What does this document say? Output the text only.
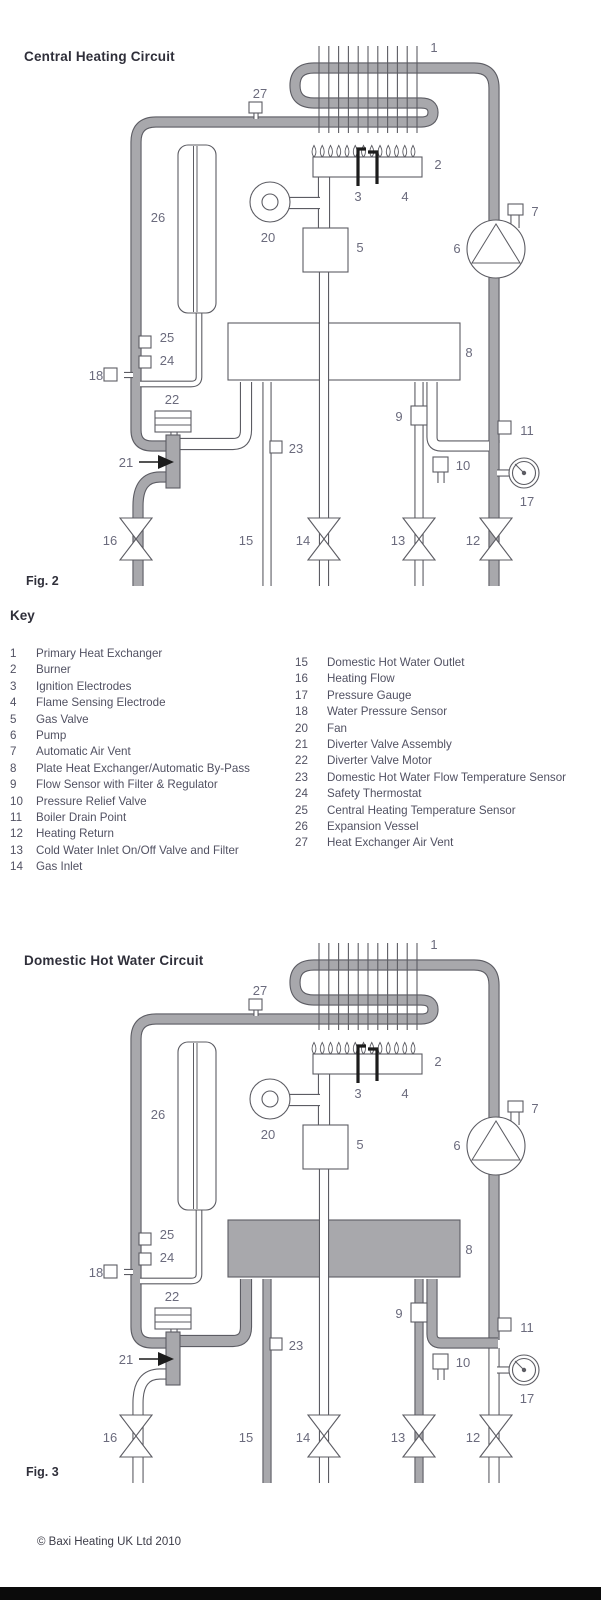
Central Heating Circuit
1
2
3	4
5	6
7
8
9
10
11
12
13
14
15
16
17
18
20
21
22
23
24
25
26
27
Fig. 2
Key
1 Primary Heat Exchanger
2 Burner
3 Ignition Electrodes
4 Flame Sensing Electrode
5 Gas Valve
6 Pump
7 Automatic Air Vent
8 Plate Heat Exchanger/Automatic By-Pass
9 Flow Sensor with Filter & Regulator
10 Pressure Relief Valve
11 Boiler Drain Point
12 Heating Return
13 Cold Water Inlet On/Off Valve and Filter
14 Gas Inlet
15 Domestic Hot Water Outlet
16 Heating Flow
17 Pressure Gauge
18 Water Pressure Sensor
20 Fan
21 Diverter Valve Assembly
22 Diverter Valve Motor
23 Domestic Hot Water Flow Temperature Sensor
24 Safety Thermostat
25 Central Heating Temperature Sensor
26 Expansion Vessel
27 Heat Exchanger Air Vent
Domestic Hot Water Circuit
1
2
3	4
5	6
7
8
9
10
11
12
13
14
15
16
17
18
20
21
22
23
24
25
26
27
Fig. 3
© Baxi Heating UK Ltd 2010
